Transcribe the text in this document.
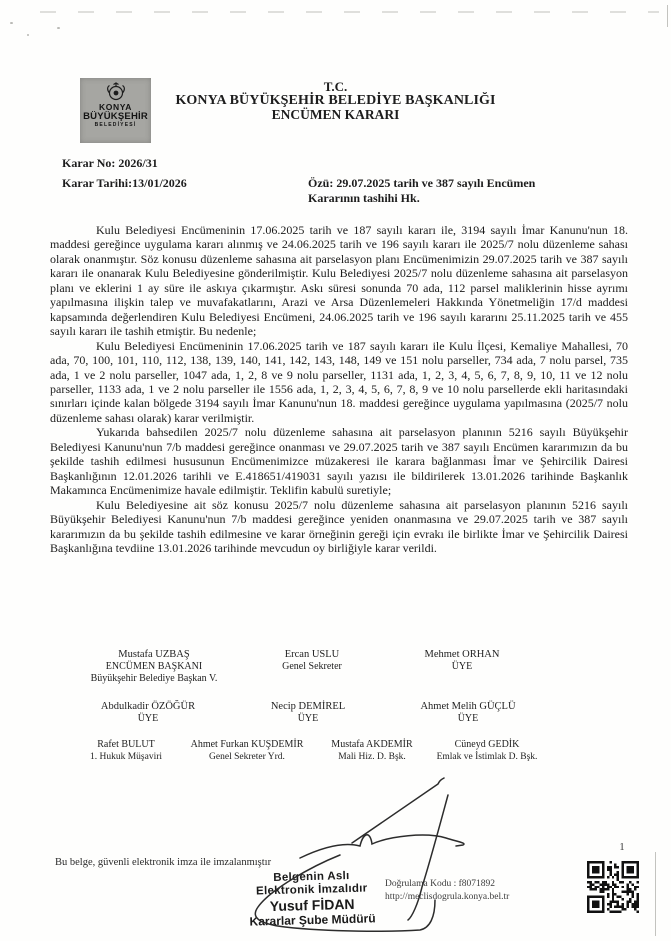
KONYA
BÜYÜKŞEHİR
BELEDİYESİ
T.C.
KONYA BÜYÜKŞEHİR BELEDİYE BAŞKANLIĞI
ENCÜMEN KARARI
Karar No: 2026/31
Karar Tarihi:13/01/2026	Özü: 29.07.2025 tarih ve 387 sayılı Encümen
Kararının tashihi Hk.

Kulu Belediyesi Encümeninin 17.06.2025 tarih ve 187 sayılı kararı ile, 3194 sayılı İmar Kanunu'nun 18. maddesi gereğince uygulama kararı alınmış ve 24.06.2025 tarih ve 196 sayılı kararı ile 2025/7 nolu düzenleme sahası olarak onanmıştır. Söz konusu düzenleme sahasına ait parselasyon planı Encümenimizin 29.07.2025 tarih ve 387 sayılı kararı ile onanarak Kulu Belediyesine gönderilmiştir. Kulu Belediyesi 2025/7 nolu düzenleme sahasına ait parselasyon planı ve eklerini 1 ay süre ile askıya çıkarmıştır. Askı süresi sonunda 70 ada, 112 parsel maliklerinin hisse ayrımı yapılmasına ilişkin talep ve muvafakatlarını, Arazi ve Arsa Düzenlemeleri Hakkında Yönetmeliğin 17/d maddesi kapsamında değerlendiren Kulu Belediyesi Encümeni, 24.06.2025 tarih ve 196 sayılı kararını 25.11.2025 tarih ve 455 sayılı kararı ile tashih etmiştir. Bu nedenle;

Kulu Belediyesi Encümeninin 17.06.2025 tarih ve 187 sayılı kararı ile Kulu İlçesi, Kemaliye Mahallesi, 70 ada, 70, 100, 101, 110, 112, 138, 139, 140, 141, 142, 143, 148, 149 ve 151 nolu parseller, 734 ada, 7 nolu parsel, 735 ada, 1 ve 2 nolu parseller, 1047 ada, 1, 2, 8 ve 9 nolu parseller, 1131 ada, 1, 2, 3, 4, 5, 6, 7, 8, 9, 10, 11 ve 12 nolu parseller, 1133 ada, 1 ve 2 nolu parseller ile 1556 ada, 1, 2, 3, 4, 5, 6, 7, 8, 9 ve 10 nolu parsellerde ekli haritasındaki sınırları içinde kalan bölgede 3194 sayılı İmar Kanunu'nun 18. maddesi gereğince uygulama yapılmasına (2025/7 nolu düzenleme sahası olarak) karar verilmiştir.

Yukarıda bahsedilen 2025/7 nolu düzenleme sahasına ait parselasyon planının 5216 sayılı Büyükşehir Belediyesi Kanunu'nun 7/b maddesi gereğince onanması ve 29.07.2025 tarih ve 387 sayılı Encümen kararımızın da bu şekilde tashih edilmesi hususunun Encümenimizce müzakeresi ile karara bağlanması İmar ve Şehircilik Dairesi Başkanlığının 12.01.2026 tarihli ve E.418651/419031 sayılı yazısı ile bildirilerek 13.01.2026 tarihinde Başkanlık Makamınca Encümenimize havale edilmiştir. Teklifin kabulü suretiyle;

Kulu Belediyesine ait söz konusu 2025/7 nolu düzenleme sahasına ait parselasyon planının 5216 sayılı Büyükşehir Belediyesi Kanunu'nun 7/b maddesi gereğince yeniden onanmasına ve 29.07.2025 tarih ve 387 sayılı kararımızın da bu şekilde tashih edilmesine ve karar örneğinin gereği için evrakı ile birlikte İmar ve Şehircilik Dairesi Başkanlığına tevdiine 13.01.2026 tarihinde mevcudun oy birliğiyle karar verildi.

Mustafa UZBAŞ
ENCÜMEN BAŞKANI
Büyükşehir Belediye Başkan V.
Ercan USLU
Genel Sekreter
Mehmet ORHAN
ÜYE
Abdulkadir ÖZÖĞÜR
ÜYE
Necip DEMİREL
ÜYE
Ahmet Melih GÜÇLÜ
ÜYE
Rafet BULUT
1. Hukuk Müşaviri
Ahmet Furkan KUŞDEMİR
Genel Sekreter Yrd.
Mustafa AKDEMİR
Mali Hiz. D. Bşk.
Cüneyd GEDİK
Emlak ve İstimlak D. Bşk.
Bu belge, güvenli elektronik imza ile imzalanmıştır
Belgenin Aslı
Elektronik İmzalıdır
Yusuf FİDAN
Kararlar Şube Müdürü
Doğrulama Kodu : f8071892
http://meclisdogrula.konya.bel.tr
1
